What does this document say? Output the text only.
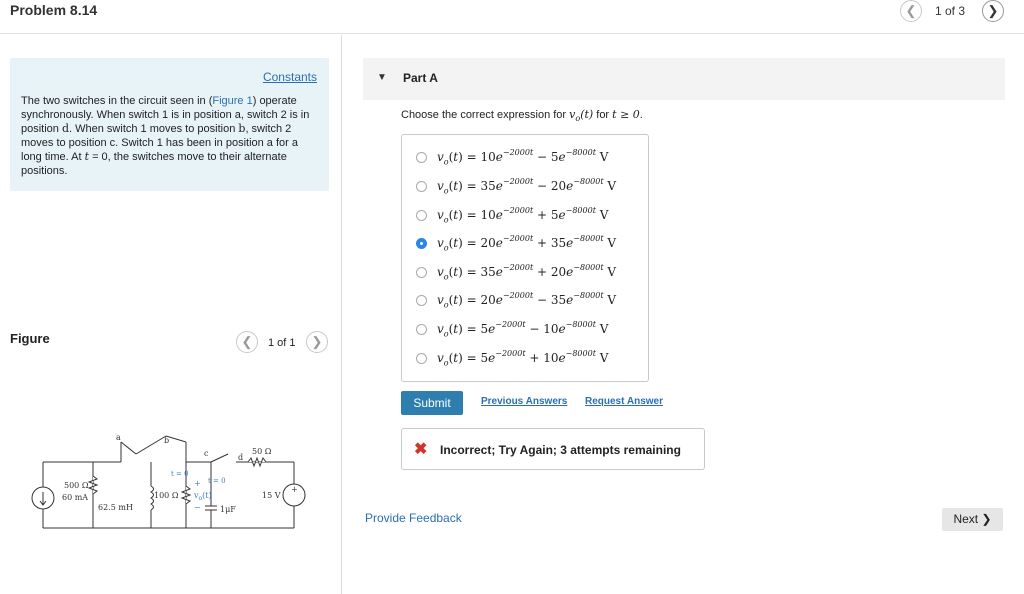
Problem 8.14	❮	1 of 3	❯
Constants
The two switches in the circuit seen in (Figure 1) operate synchronously. When switch 1 is in position a, switch 2 is in position d. When switch 1 moves to position b, switch 2 moves to position c. Switch 1 has been in position a for a long time. At t = 0, the switches move to their alternate positions.
Figure	❮	1 of 1	❯
500 Ω
60 mA
62.5 mH
100 Ω $v_o(t)$
+
− 1μF
15 V
+
50 Ω
a	b
c	d
t = 0
t = 0
▼ Part A
Choose the correct expression for $v_o(t)$ for t ≥ 0.
$v_o(t) = 10e^{-2000t} - 5e^{-8000t}$ V
$v_o(t) = 35e^{-2000t} - 20e^{-8000t}$ V
$v_o(t) = 10e^{-2000t} + 5e^{-8000t}$ V
$v_o(t) = 20e^{-2000t} + 35e^{-8000t}$ V
$v_o(t) = 35e^{-2000t} + 20e^{-8000t}$ V
$v_o(t) = 20e^{-2000t} - 35e^{-8000t}$ V
$v_o(t) = 5e^{-2000t} - 10e^{-8000t}$ V
$v_o(t) = 5e^{-2000t} + 10e^{-8000t}$ V
Submit	Previous Answers Request Answer
✖ Incorrect; Try Again; 3 attempts remaining
Provide Feedback	Next ❯
